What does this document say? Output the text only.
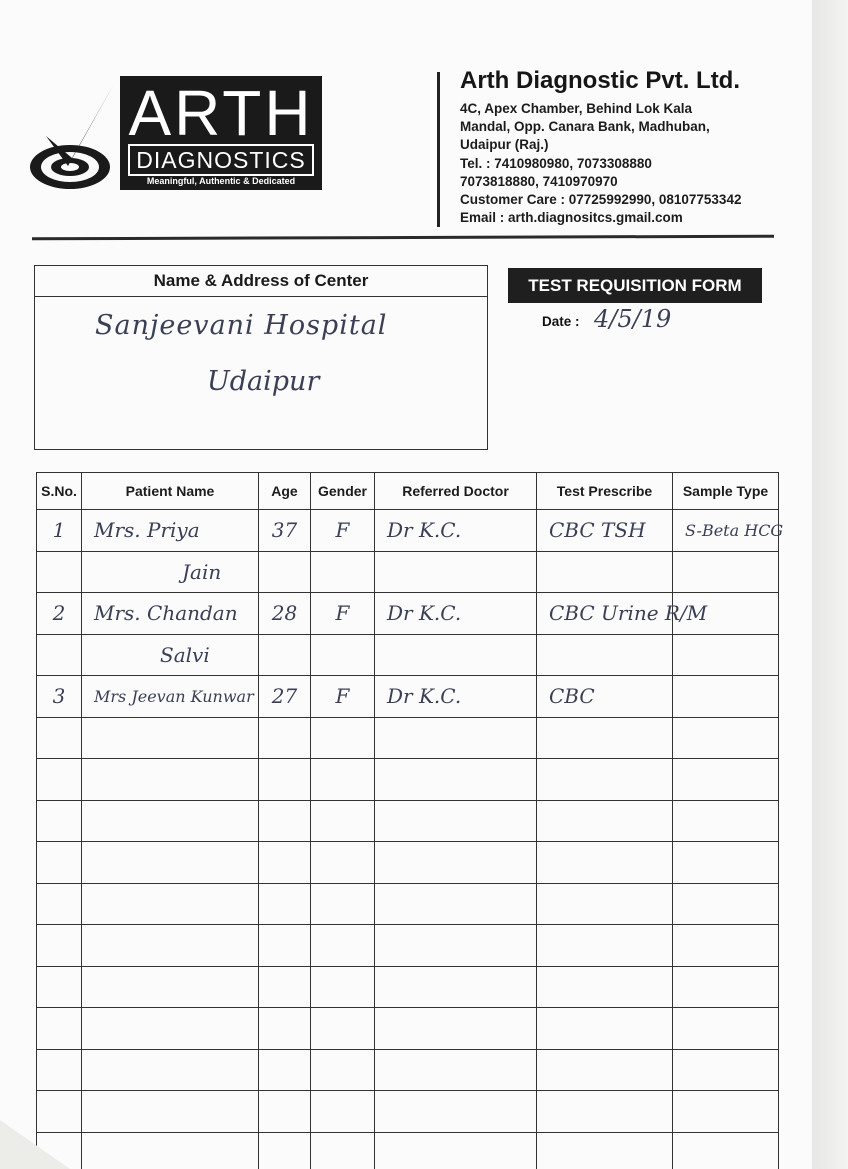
ARTH
DIAGNOSTICS
Meaningful, Authentic & Dedicated
Arth Diagnostic Pvt. Ltd.
4C, Apex Chamber, Behind Lok Kala
Mandal, Opp. Canara Bank, Madhuban,
Udaipur (Raj.)
Tel. : 7410980980, 7073308880
7073818880, 7410970970
Customer Care : 07725992990, 08107753342
Email : arth.diagnositcs.gmail.com
Name & Address of Center
Sanjeevani Hospital
Udaipur
TEST REQUISITION FORM
Date : 4/5/19
S.No.	Patient Name	Age	Gender	Referred Doctor	Test Prescribe	Sample Type
1	Mrs. Priya	37	F	Dr K.C.	CBC TSH	S-Beta HCG
	Jain					
2	Mrs. Chandan	28	F	Dr K.C.	CBC Urine R/M	
	Salvi					
3	Mrs Jeevan Kunwar	27	F	Dr K.C.	CBC	
